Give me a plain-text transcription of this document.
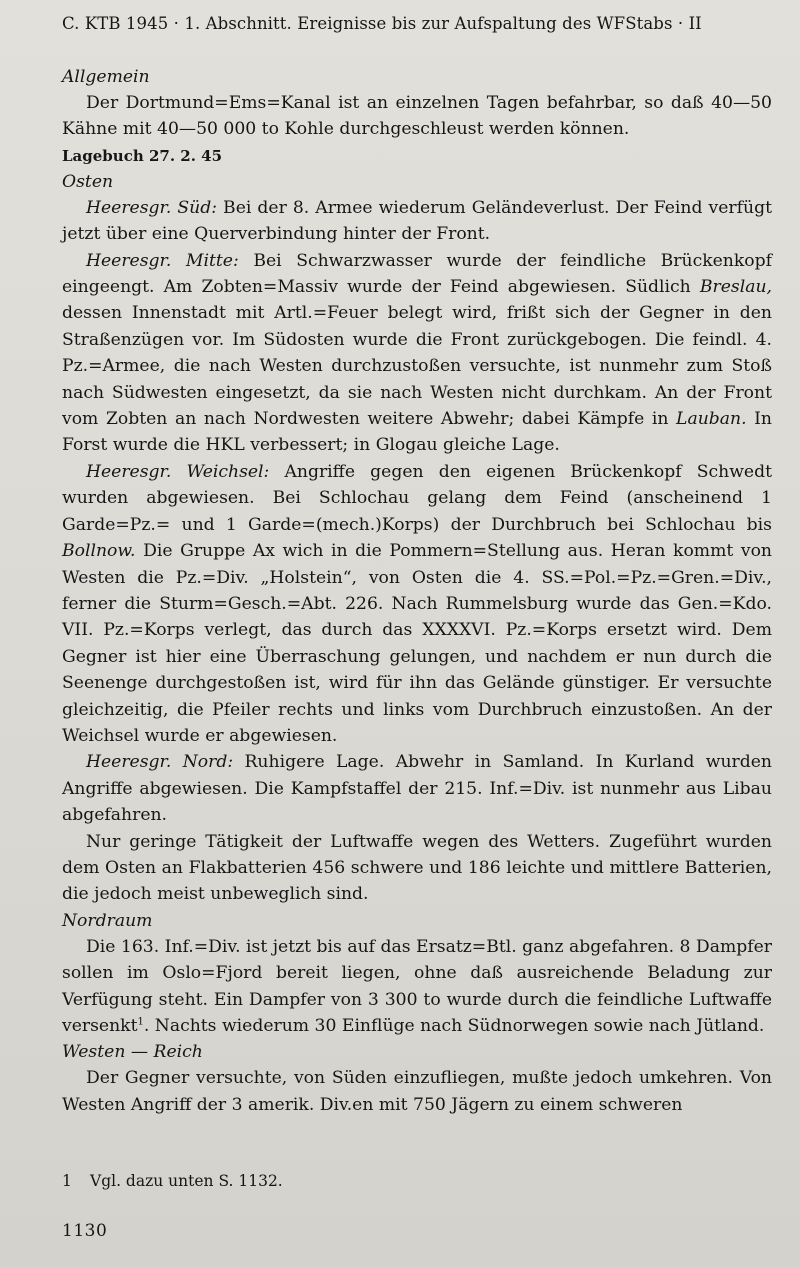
C. KTB 1945 · 1. Abschnitt. Ereignisse bis zur Aufspaltung des WFStabs · II

Allgemein

Der Dortmund=Ems=Kanal ist an einzelnen Tagen befahrbar, so daß 40—50 Kähne mit 40—50 000 to Kohle durchgeschleust werden können.

Lagebuch 27. 2. 45

Osten

Heeresgr. Süd: Bei der 8. Armee wiederum Geländeverlust. Der Feind verfügt jetzt über eine Querverbindung hinter der Front.

Heeresgr. Mitte: Bei Schwarzwasser wurde der feindliche Brückenkopf eingeengt. Am Zobten=Massiv wurde der Feind abgewiesen. Südlich Breslau, dessen Innenstadt mit Artl.=Feuer belegt wird, frißt sich der Gegner in den Straßenzügen vor. Im Südosten wurde die Front zurückgebogen. Die feindl. 4. Pz.=Armee, die nach Westen durchzustoßen versuchte, ist nunmehr zum Stoß nach Südwesten eingesetzt, da sie nach Westen nicht durchkam. An der Front vom Zobten an nach Nordwesten weitere Abwehr; dabei Kämpfe in Lauban. In Forst wurde die HKL verbessert; in Glogau gleiche Lage.

Heeresgr. Weichsel: Angriffe gegen den eigenen Brückenkopf Schwedt wurden abgewiesen. Bei Schlochau gelang dem Feind (anscheinend 1 Garde=Pz.= und 1 Garde=(mech.)Korps) der Durchbruch bei Schlochau bis Bollnow. Die Gruppe Ax wich in die Pommern=Stellung aus. Heran kommt von Westen die Pz.=Div. „Holstein“, von Osten die 4. SS.=Pol.=Pz.=Gren.=Div., ferner die Sturm=Gesch.=Abt. 226. Nach Rummelsburg wurde das Gen.=Kdo. VII. Pz.=Korps verlegt, das durch das XXXXVI. Pz.=Korps ersetzt wird. Dem Gegner ist hier eine Überraschung gelungen, und nachdem er nun durch die Seenenge durchgestoßen ist, wird für ihn das Gelände günstiger. Er versuchte gleichzeitig, die Pfeiler rechts und links vom Durchbruch einzustoßen. An der Weichsel wurde er abgewiesen.

Heeresgr. Nord: Ruhigere Lage. Abwehr in Samland. In Kurland wurden Angriffe abgewiesen. Die Kampfstaffel der 215. Inf.=Div. ist nunmehr aus Libau abgefahren.

Nur geringe Tätigkeit der Luftwaffe wegen des Wetters. Zugeführt wurden dem Osten an Flakbatterien 456 schwere und 186 leichte und mittlere Batterien, die jedoch meist unbeweglich sind.

Nordraum

Die 163. Inf.=Div. ist jetzt bis auf das Ersatz=Btl. ganz abgefahren. 8 Dampfer sollen im Oslo=Fjord bereit liegen, ohne daß ausreichende Beladung zur Verfügung steht. Ein Dampfer von 3 300 to wurde durch die feindliche Luftwaffe versenkt$^1$. Nachts wiederum 30 Einflüge nach Südnorwegen sowie nach Jütland.

Westen — Reich

Der Gegner versuchte, von Süden einzufliegen, mußte jedoch umkehren. Von Westen Angriff der 3 amerik. Div.en mit 750 Jägern zu einem schweren

1 Vgl. dazu unten S. 1132.
1130
